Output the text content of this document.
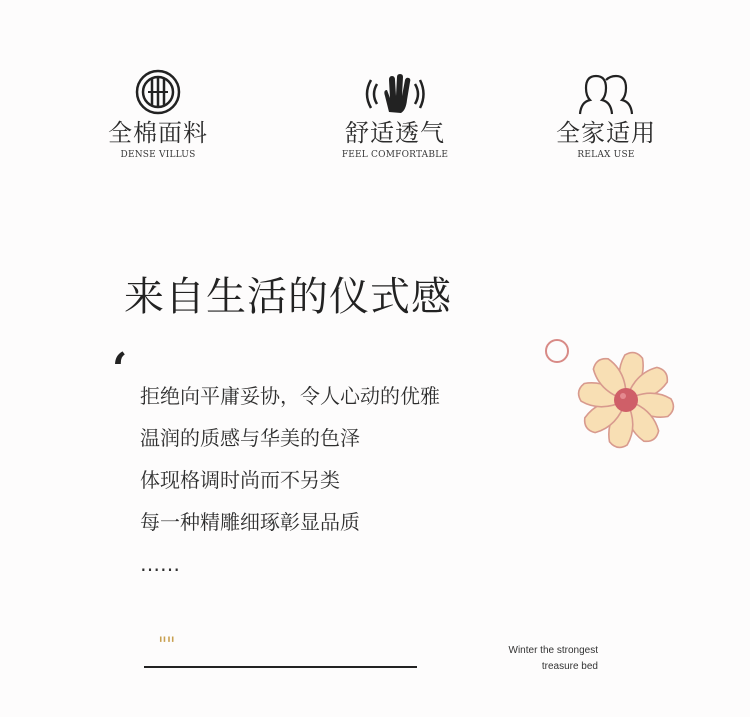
全棉面料
DENSE VILLUS
舒适透气
FEEL COMFORTABLE
全家适用
RELAX USE
来自生活的仪式感
‘
拒绝向平庸妥协，令人心动的优雅
温润的质感与华美的色泽
体现格调时尚而不另类
每一种精雕细琢彰显品质
……
""	Winter the strongest
treasure bed
